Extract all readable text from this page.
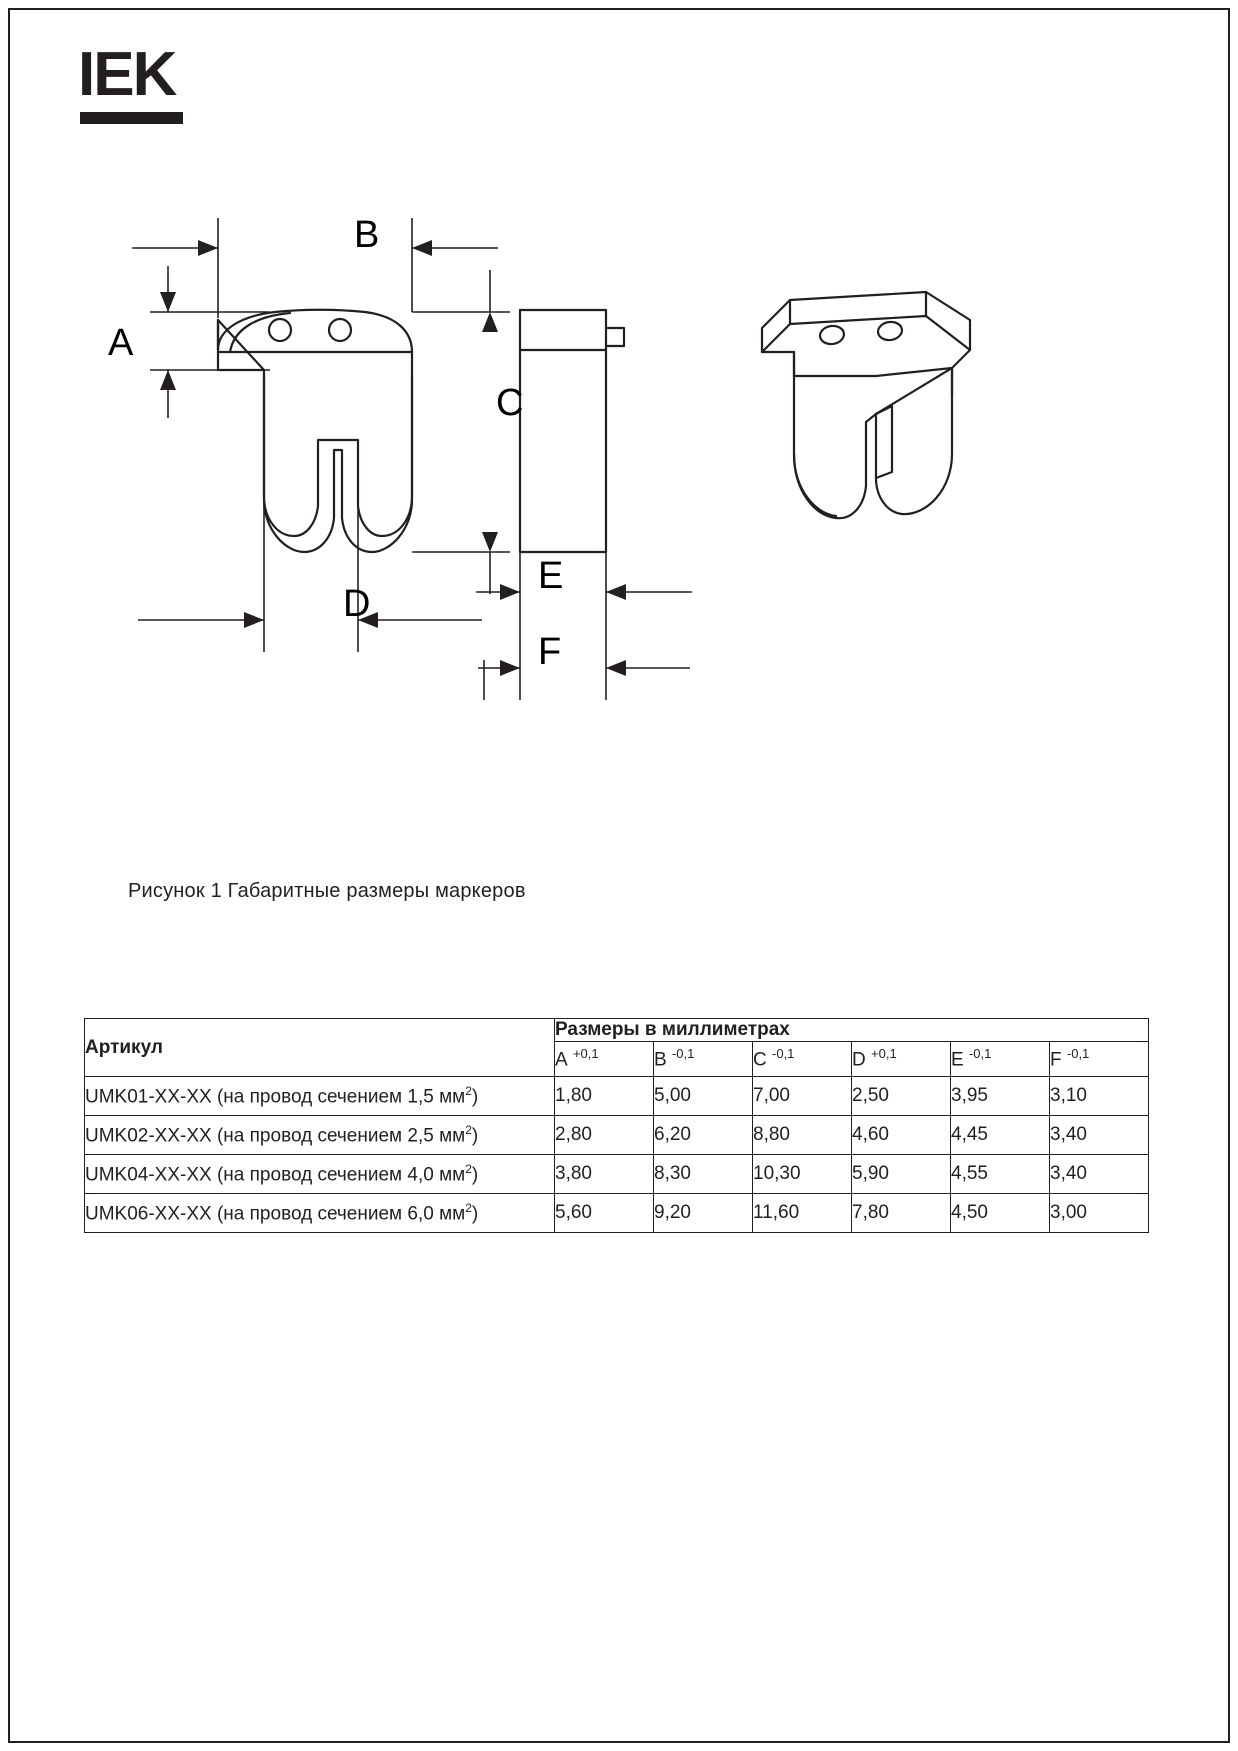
IEK
B
A
C
D
E
F
Рисунок 1 Габаритные размеры маркеров
Артикул	Размеры в миллиметрах					
	A $^{+0,1}$	B $^{-0,1}$	C $^{-0,1}$	D $^{+0,1}$	E $^{-0,1}$	F $^{-0,1}$
UMK01-XX-XX (на провод сечением 1,5 $мм^2$)	1,80	5,00	7,00	2,50	3,95	3,10
UMK02-XX-XX (на провод сечением 2,5 $мм^2$)	2,80	6,20	8,80	4,60	4,45	3,40
UMK04-XX-XX (на провод сечением 4,0 $мм^2$)	3,80	8,30	10,30	5,90	4,55	3,40
UMK06-XX-XX (на провод сечением 6,0 $мм^2$)	5,60	9,20	11,60	7,80	4,50	3,00
